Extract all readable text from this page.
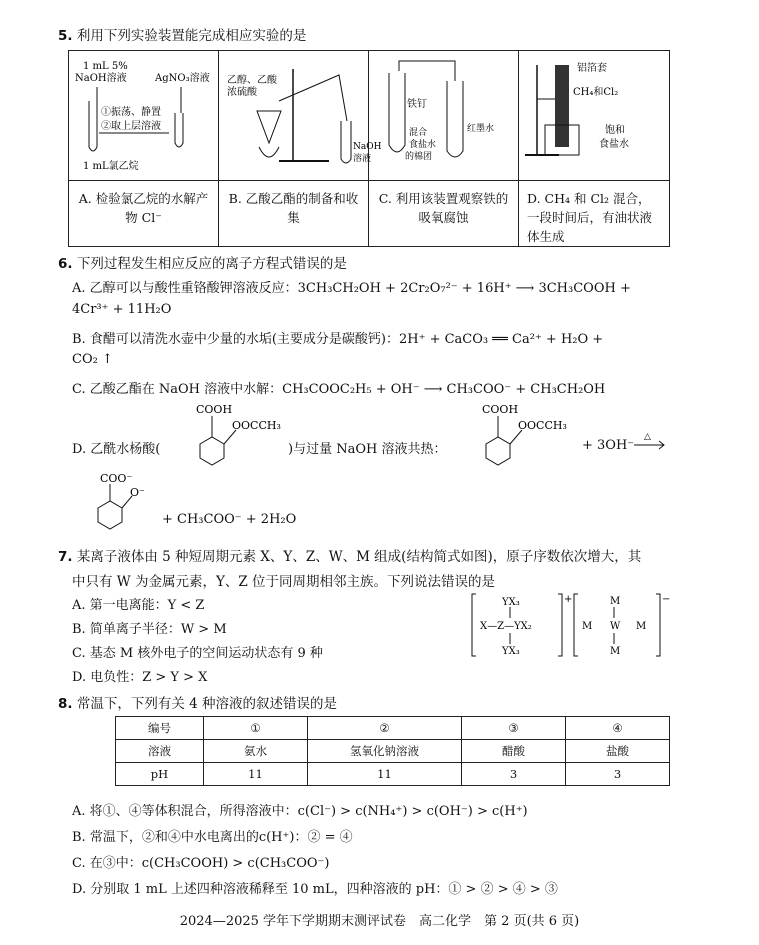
5. 利用下列实验装置能完成相应实验的是
1 mL 5%
NaOH溶液	AgNO₃溶液
①振荡、静置
②取上层溶液
1 mL氯乙烷
A. 检验氯乙烷的水解产物 Cl⁻
乙醇、乙酸
浓硫酸
NaOH
溶液
B. 乙酸乙酯的制备和收集
铁钉
混合
食盐水
的棉团
红墨水
C. 利用该装置观察铁的吸氧腐蚀
铝箔套
CH₄和Cl₂
饱和
食盐水
D. CH₄ 和 Cl₂ 混合，一段时间后，有油状液体生成
6. 下列过程发生相应反应的离子方程式错误的是
A. 乙醇可以与酸性重铬酸钾溶液反应：3CH₃CH₂OH + 2Cr₂O₇²⁻ + 16H⁺ ⟶ 3CH₃COOH +
4Cr³⁺ + 11H₂O
B. 食醋可以清洗水壶中少量的水垢(主要成分是碳酸钙)：2H⁺ + CaCO₃ ══ Ca²⁺ + H₂O +
CO₂ ↑
C. 乙酸乙酯在 NaOH 溶液中水解：CH₃COOC₂H₅ + OH⁻ ⟶ CH₃COO⁻ + CH₃CH₂OH
D. 乙酰水杨酸(
COOH
OOCCH₃
)与过量 NaOH 溶液共热：
COOH
OOCCH₃
+ 3OH⁻
△
COO⁻
O⁻
+ CH₃COO⁻ + 2H₂O
7. 某离子液体由 5 种短周期元素 X、Y、Z、W、M 组成(结构简式如图)，原子序数依次增大，其
中只有 W 为金属元素，Y、Z 位于同周期相邻主族。下列说法错误的是
A. 第一电离能：Y < Z
B. 简单离子半径：W > M
C. 基态 M 核外电子的空间运动状态有 9 种
D. 电负性：Z > Y > X
+
YX₃
X—Z—YX₂
YX₃
−
M
M W M
M
8. 常温下，下列有关 4 种溶液的叙述错误的是
编号	①	②	③	④
溶液	氨水	氢氧化钠溶液	醋酸	盐酸
pH	11	11	3	3
A. 将①、④等体积混合，所得溶液中：c(Cl⁻) > c(NH₄⁺) > c(OH⁻) > c(H⁺)
B. 常温下，②和④中水电离出的c(H⁺)：② = ④
C. 在③中：c(CH₃COOH) > c(CH₃COO⁻)
D. 分别取 1 mL 上述四种溶液稀释至 10 mL，四种溶液的 pH：① > ② > ④ > ③
2024—2025 学年下学期期末测评试卷　高二化学　第 2 页(共 6 页)
